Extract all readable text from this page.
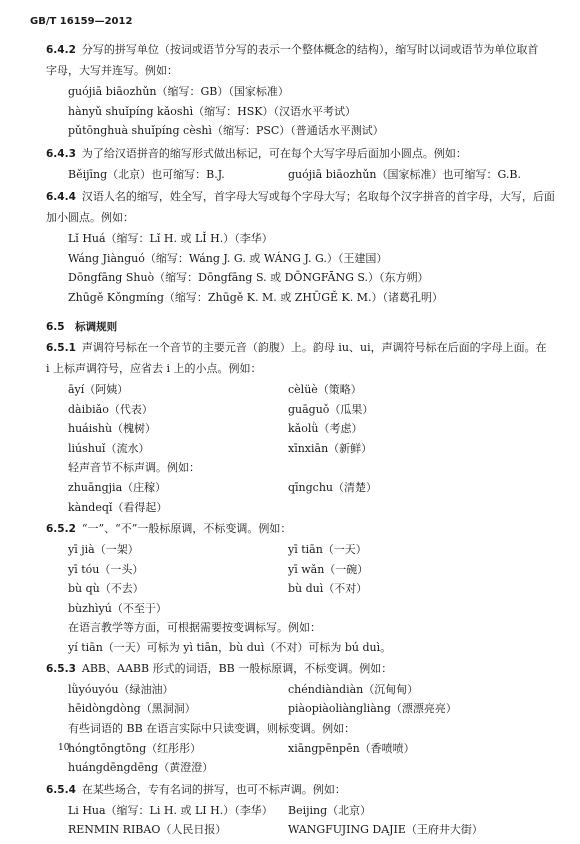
GB/T 16159—2012
6.4.2 分写的拼写单位（按词或语节分写的表示一个整体概念的结构），缩写时以词或语节为单位取首
字母，大写并连写。例如：
guójiā biāozhǔn（缩写：GB）（国家标准）
hànyǔ shuǐpíng kǎoshì（缩写：HSK）（汉语水平考试）
pǔtōnghuà shuǐpíng cèshì（缩写：PSC）（普通话水平测试）
6.4.3 为了给汉语拼音的缩写形式做出标记，可在每个大写字母后面加小圆点。例如：
Běijīng（北京）也可缩写：B.J.	guójiā biāozhǔn（国家标准）也可缩写：G.B.
6.4.4 汉语人名的缩写，姓全写，首字母大写或每个字母大写；名取每个汉字拼音的首字母，大写，后面
加小圆点。例如：
Lǐ Huá（缩写：Lǐ H. 或 LǏ H.）（李华）
Wáng Jiànguó（缩写：Wáng J. G. 或 WÁNG J. G.）（王建国）
Dōngfāng Shuò（缩写：Dōngfāng S. 或 DŌNGFĀNG S.）（东方朔）
Zhūgě Kǒngmíng（缩写：Zhūgě K. M. 或 ZHŪGĚ K. M.）（诸葛孔明）
6.5　标调规则
6.5.1 声调符号标在一个音节的主要元音（韵腹）上。韵母 iu、ui，声调符号标在后面的字母上面。在
i 上标声调符号，应省去 i 上的小点。例如：
āyí（阿姨）	cèlüè（策略）
dàibiǎo（代表）	guāguǒ（瓜果）
huáishù（槐树）	kǎolǜ（考虑）
liúshuǐ（流水）	xīnxiān（新鲜）
轻声音节不标声调。例如：
zhuāngjia（庄稼）	qīngchu（清楚）
kàndeqǐ（看得起）
6.5.2 “一”、“不”一般标原调，不标变调。例如：
yī jià（一架）	yī tiān（一天）
yī tóu（一头）	yī wǎn（一碗）
bù qù（不去）	bù duì（不对）
bùzhìyú（不至于）
在语言教学等方面，可根据需要按变调标写。例如：
yí tiān（一天）可标为 yì tiān，bù duì（不对）可标为 bú duì。
6.5.3 ABB、AABB 形式的词语，BB 一般标原调，不标变调。例如：
lǜyóuyóu（绿油油）	chéndiàndiàn（沉甸甸）
hēidòngdòng（黑洞洞）	piàopiàoliàngliàng（漂漂亮亮）
有些词语的 BB 在语言实际中只读变调，则标变调。例如：
hóngtōngtōng（红彤彤）	xiāngpēnpēn（香喷喷）
huángdēngdēng（黄澄澄）
6.5.4 在某些场合，专有名词的拼写，也可不标声调。例如：
Li Hua（缩写：Li H. 或 LI H.）（李华）	Beijing（北京）
RENMIN RIBAO（人民日报）	WANGFUJING DAJIE（王府井大街）
10
